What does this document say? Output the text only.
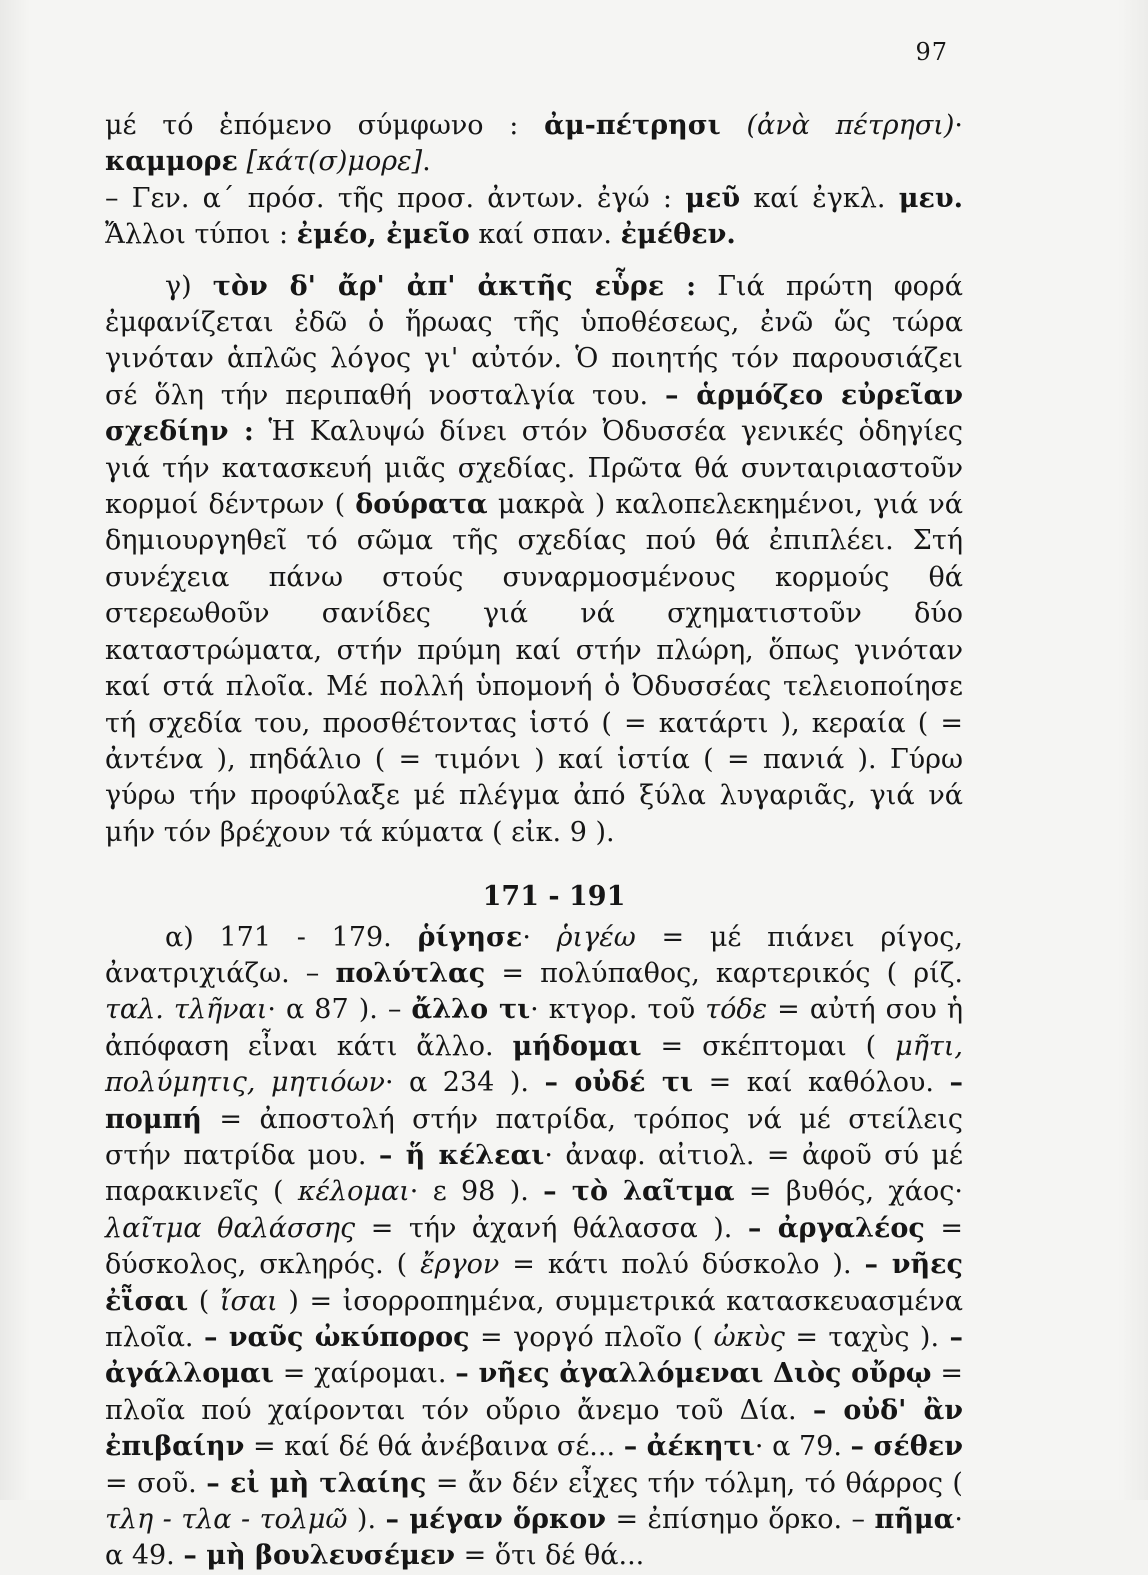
97

μέ τό ἑπόμενο σύμφωνο : ἀμ-πέτρησι (ἀνὰ πέτρησι)· καμμορε [κάτ(σ)μορε].

– Γεν. α΄ πρόσ. τῆς προσ. ἀντων. ἐγώ : μεῦ καί ἐγκλ. μευ. Ἄλλοι τύποι : ἐμέο, ἐμεῖο καί σπαν. ἐμέθεν.

γ) τὸν δ' ἄρ' ἀπ' ἀκτῆς εὗρε : Γιά πρώτη φορά ἐμφανίζεται ἐδῶ ὁ ἥρωας τῆς ὑποθέσεως, ἐνῶ ὥς τώρα γινόταν ἁπλῶς λόγος γι' αὐτόν. Ὁ ποιητής τόν παρουσιάζει σέ ὅλη τήν περιπαθή νοσταλγία του. – ἁρμόζεο εὐρεῖαν σχεδίην : Ἡ Καλυψώ δίνει στόν Ὀδυσσέα γενικές ὁδηγίες γιά τήν κατασκευή μιᾶς σχεδίας. Πρῶτα θά συνταιριαστοῦν κορμοί δέντρων ( δούρατα μακρὰ ) καλοπελεκημένοι, γιά νά δημιουργηθεῖ τό σῶμα τῆς σχεδίας πού θά ἐπιπλέει. Στή συνέχεια πάνω στούς συναρμοσμένους κορμούς θά στερεωθοῦν σανίδες γιά νά σχηματιστοῦν δύο καταστρώματα, στήν πρύμη καί στήν πλώρη, ὅπως γινόταν καί στά πλοῖα. Μέ πολλή ὑπομονή ὁ Ὀδυσσέας τελειοποίησε τή σχεδία του, προσθέτοντας ἱστό ( = κατάρτι ), κεραία ( = ἀντένα ), πηδάλιο ( = τιμόνι ) καί ἱστία ( = πανιά ). Γύρω γύρω τήν προφύλαξε μέ πλέγμα ἀπό ξύλα λυγαριᾶς, γιά νά μήν τόν βρέχουν τά κύματα ( εἰκ. 9 ).

171 - 191

α) 171 - 179. ῥίγησε· ῥιγέω = μέ πιάνει ρίγος, ἀνατριχιάζω. – πολύτλας = πολύπαθος, καρτερικός ( ρίζ. ταλ. τλῆναι· α 87 ). – ἄλλο τι· κτγορ. τοῦ τόδε = αὐτή σου ἡ ἀπόφαση εἶναι κάτι ἄλλο. μήδομαι = σκέπτομαι ( μῆτι, πολύμητις, μητιόων· α 234 ). – οὐδέ τι = καί καθόλου. – πομπή = ἀποστολή στήν πατρίδα, τρόπος νά μέ στείλεις στήν πατρίδα μου. – ἥ κέλεαι· ἀναφ. αἰτιολ. = ἀφοῦ σύ μέ παρακινεῖς ( κέλομαι· ε 98 ). – τὸ λαῖτμα = βυθός, χάος· λαῖτμα θαλάσσης = τήν ἀχανή θάλασσα ). – ἀργαλέος = δύσκολος, σκληρός. ( ἔργον = κάτι πολύ δύσκολο ). – νῆες ἐῗσαι ( ἴσαι ) = ἰσορροπημένα, συμμετρικά κατασκευασμένα πλοῖα. – ναῦς ὠκύπορος = γοργό πλοῖο ( ὠκὺς = ταχὺς ). – ἀγάλλομαι = χαίρομαι. – νῆες ἀγαλλόμεναι Διὸς οὔρῳ = πλοῖα πού χαίρονται τόν οὔριο ἄνεμο τοῦ Δία. – οὐδ' ἂν ἐπιβαίην = καί δέ θά ἀνέβαινα σέ... – ἀέκητι· α 79. – σέθεν = σοῦ. – εἰ μὴ τλαίης = ἄν δέν εἶχες τήν τόλμη, τό θάρρος ( τλη - τλα - τολμῶ ). – μέγαν ὅρκον = ἐπίσημο ὅρκο. – πῆμα· α 49. – μὴ βουλευσέμεν = ὅτι δέ θά...
